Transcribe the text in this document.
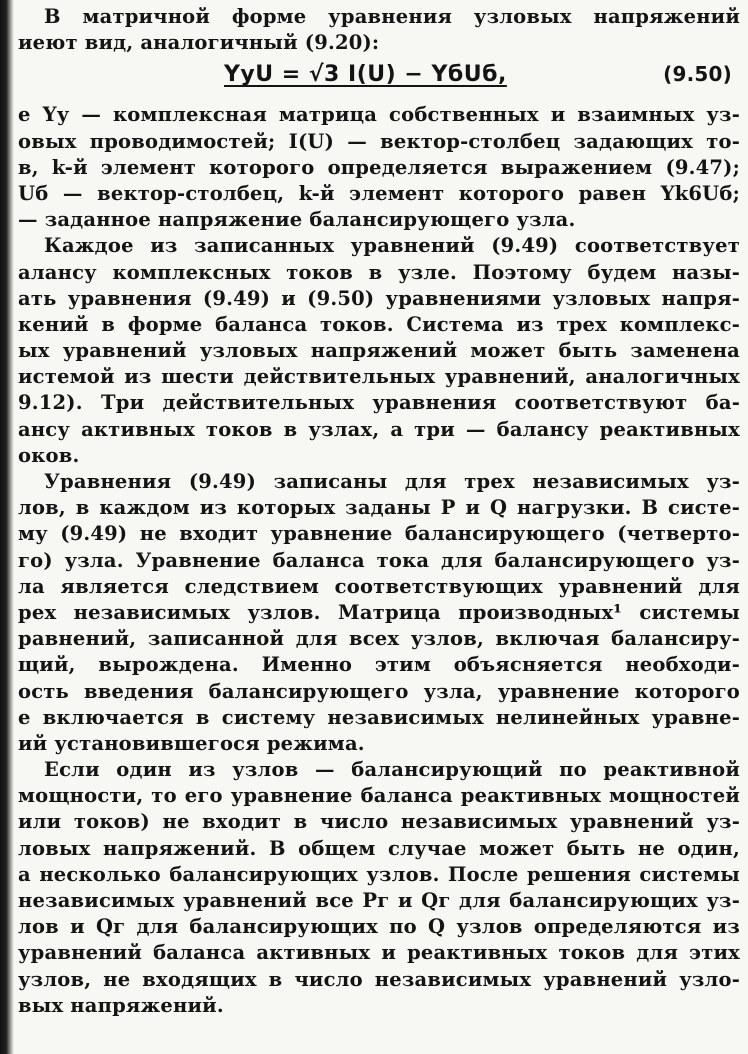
В матричной форме уравнения узловых напряжений
иеют вид, аналогичный (9.20):
YуU = √3 I(U) − YбUб,	(9.50)
е Yу — комплексная матрица собственных и взаимных уз-
овых проводимостей; I(U) — вектор-столбец задающих то-
в, k-й элемент которого определяется выражением (9.47);
Uб — вектор-столбец, k-й элемент которого равен Yk6Uб;
— заданное напряжение балансирующего узла.
Каждое из записанных уравнений (9.49) соответствует
алансу комплексных токов в узле. Поэтому будем назы-
ать уравнения (9.49) и (9.50) уравнениями узловых напря-
кений в форме баланса токов. Система из трех комплекс-
ых уравнений узловых напряжений может быть заменена
истемой из шести действительных уравнений, аналогичных
9.12). Три действительных уравнения соответствуют ба-
ансу активных токов в узлах, а три — балансу реактивных
оков.
Уравнения (9.49) записаны для трех независимых уз-
лов, в каждом из которых заданы P и Q нагрузки. В систе-
му (9.49) не входит уравнение балансирующего (четверто-
го) узла. Уравнение баланса тока для балансирующего уз-
ла является следствием соответствующих уравнений для
рех независимых узлов. Матрица производных¹ системы
равнений, записанной для всех узлов, включая балансиру-
щий, вырождена. Именно этим объясняется необходи-
ость введения балансирующего узла, уравнение которого
е включается в систему независимых нелинейных уравне-
ий установившегося режима.
Если один из узлов — балансирующий по реактивной
мощности, то его уравнение баланса реактивных мощностей
или токов) не входит в число независимых уравнений уз-
ловых напряжений. В общем случае может быть не один,
а несколько балансирующих узлов. После решения системы
независимых уравнений все Pг и Qг для балансирующих уз-
лов и Qг для балансирующих по Q узлов определяются из
уравнений баланса активных и реактивных токов для этих
узлов, не входящих в число независимых уравнений узло-
вых напряжений.
